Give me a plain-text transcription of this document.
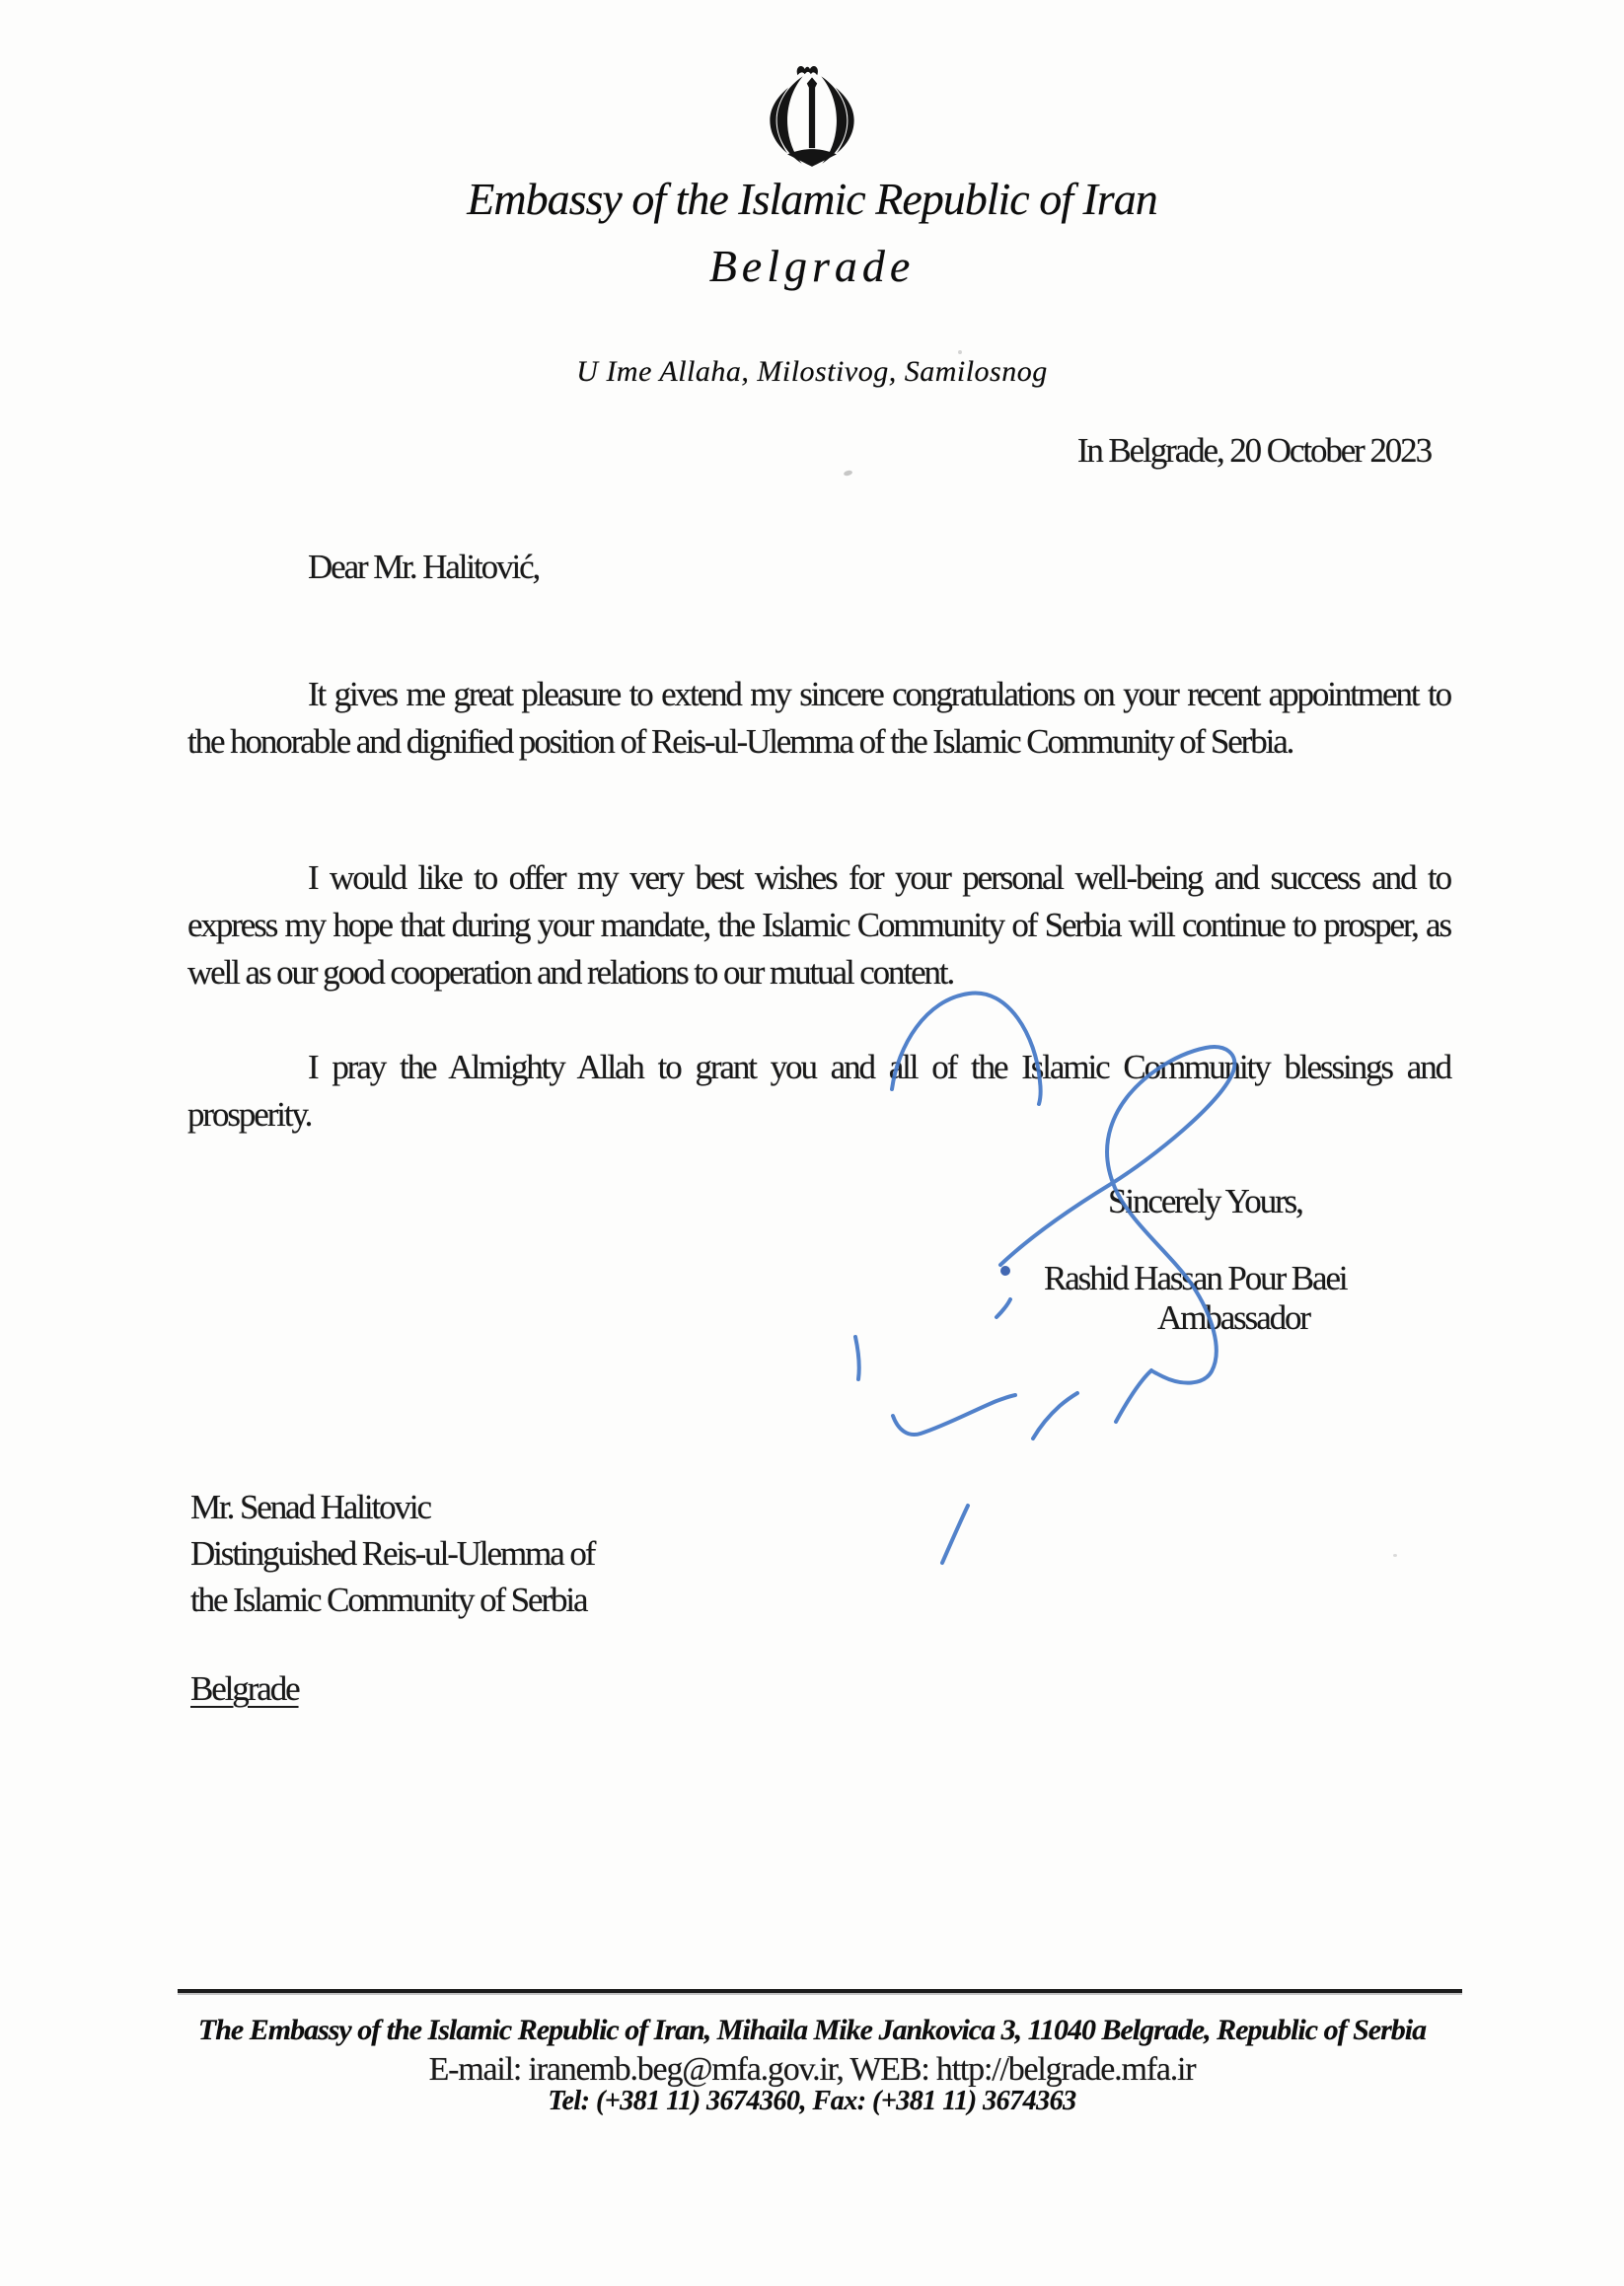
Embassy of the Islamic Republic of Iran
Belgrade
U Ime Allaha, Milostivog, Samilosnog
In Belgrade, 20 October 2023
Dear Mr. Halitović,

It gives me great pleasure to extend my sincere congratulations on your recent appointment to the honorable and dignified position of Reis-ul-Ulemma of the Islamic Community of Serbia.

I would like to offer my very best wishes for your personal well-being and success and to express my hope that during your mandate, the Islamic Community of Serbia will continue to prosper, as well as our good cooperation and relations to our mutual content.

I pray the Almighty Allah to grant you and all of the Islamic Community blessings and prosperity.

Sincerely Yours,
Rashid Hassan Pour Baei
Ambassador
Mr. Senad Halitovic
Distinguished Reis-ul-Ulemma of
the Islamic Community of Serbia
Belgrade
The Embassy of the Islamic Republic of Iran, Mihaila Mike Jankovica 3, 11040 Belgrade, Republic of Serbia
E-mail: iranemb.beg@mfa.gov.ir, WEB: http://belgrade.mfa.ir
Tel: (+381 11) 3674360, Fax: (+381 11) 3674363
